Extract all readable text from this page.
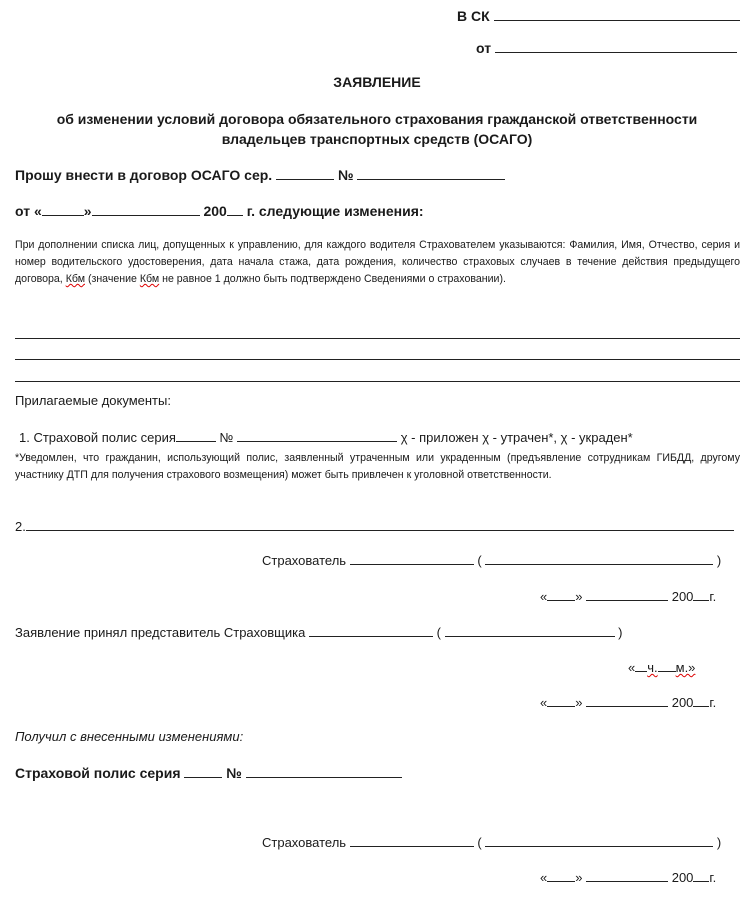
В СК
от
ЗАЯВЛЕНИЕ
об изменении условий договора обязательного страхования гражданской ответственности
владельцев транспортных средств (ОСАГО)
Прошу внести в договор ОСАГО сер.	№
от «	»	200 г. следующие изменения:
При дополнении списка лиц, допущенных к управлению, для каждого водителя Страхователем указываются: Фамилия, Имя, Отчество, серия и номер водительского удостоверения, дата начала стажа, дата рождения, количество страховых случаев в течение действия предыдущего договора, Кбм (значение Кбм не равное 1 должно быть подтверждено Сведениями о страховании).
Прилагаемые документы:
1. Страховой полис серия	№	χ - приложен χ - утрачен*, χ - украден*
*Уведомлен, что гражданин, использующий полис, заявленный утраченным или украденным (предъявление сотрудникам ГИБДД, другому участнику ДТП для получения страхового возмещения) может быть привлечен к уголовной ответственности.
2.
Страхователь	(	)
« »	200 г.
Заявление принял представитель Страховщика	(	)
« ч. м.»
« »	200 г.
Получил с внесенными изменениями:
Страховой полис серия	№
Страхователь	(	)
« »	200 г.
